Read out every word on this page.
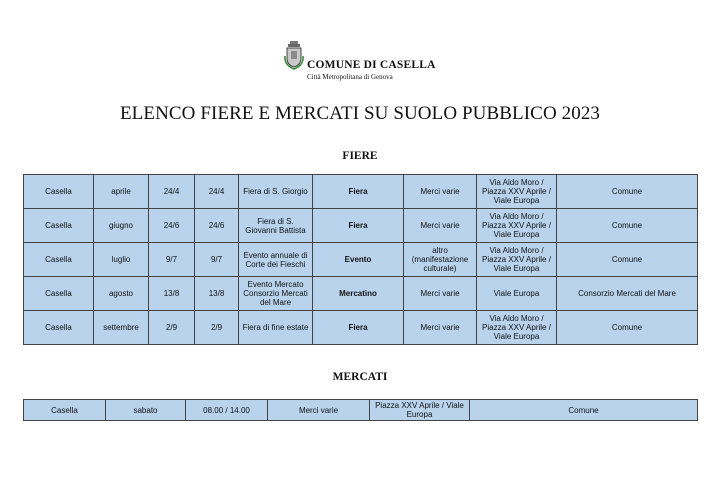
COMUNE DI CASELLA
Città Metropolitana di Genova
ELENCO FIERE E MERCATI SU SUOLO PUBBLICO 2023
FIERE
Casella	aprile	24/4	24/4	Fiera di S. Giorgio	Fiera	Merci varie	Via Aldo Moro / Piazza XXV Aprile / Viale Europa	Comune
Casella	giugno	24/6	24/6	Fiera di S. Giovanni Battista	Fiera	Merci varie	Via Aldo Moro / Piazza XXV Aprile / Viale Europa	Comune
Casella	luglio	9/7	9/7	Evento annuale di Corte dei Fieschi	Evento	altro (manifestazione culturale)	Via Aldo Moro / Piazza XXV Aprile / Viale Europa	Comune
Casella	agosto	13/8	13/8	Evento Mercato Consorzio Mercati del Mare	Mercatino	Merci varie	Viale Europa	Consorzio Mercati del Mare
Casella	settembre	2/9	2/9	Fiera di fine estate	Fiera	Merci varie	Via Aldo Moro / Piazza XXV Aprile / Viale Europa	Comune
MERCATI
Casella	sabato	08.00 / 14.00	Merci varie	Piazza XXV Aprile / Viale Europa	Comune
